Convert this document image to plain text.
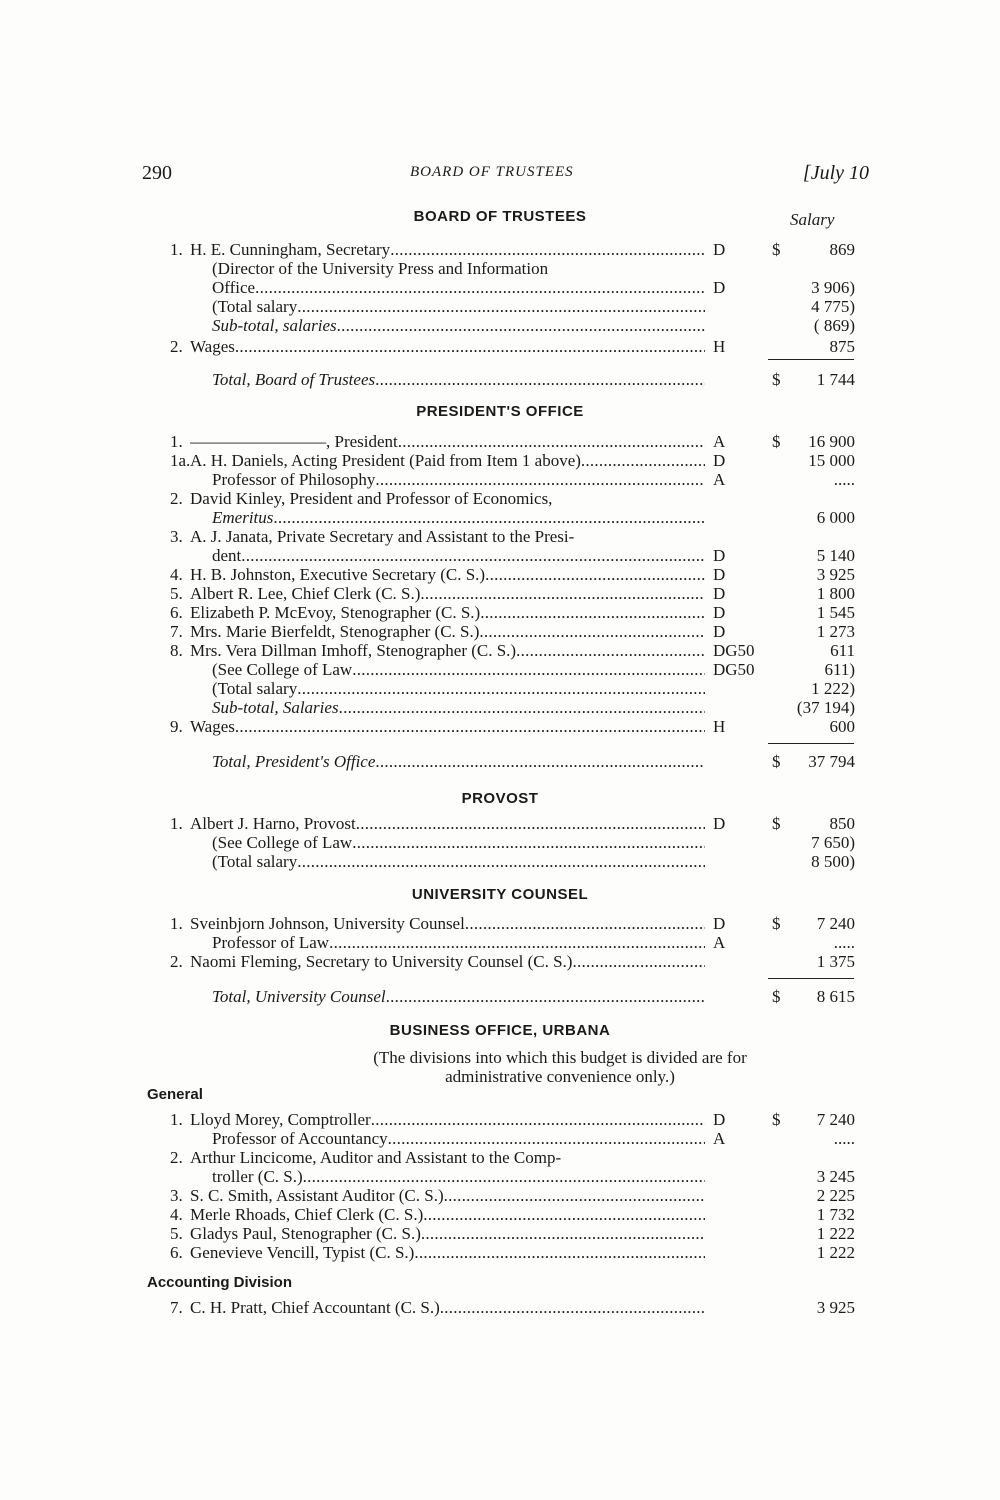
290	BOARD OF TRUSTEES	[July 10
Salary
BOARD OF TRUSTEES
1. H. E. Cunningham, Secretary . . .	D	$	869
(Director of the University Press and Information
Office . . .	D	3 906)
(Total salary . . .	4 775)
Sub-total, salaries . . .	( 869)
2. Wages . . .	H	875
Total, Board of Trustees . . .	$	1 744
PRESIDENT'S OFFICE
1. ————————, President . . .	A	$	16 900
1a. A. H. Daniels, Acting President (Paid from Item 1 above) . . .	D	15 000
Professor of Philosophy . . .	A	.....
2. David Kinley, President and Professor of Economics,
Emeritus . . .	6 000
3. A. J. Janata, Private Secretary and Assistant to the Presi-
dent . . .	D	5 140
4. H. B. Johnston, Executive Secretary (C. S.) . . .	D	3 925
5. Albert R. Lee, Chief Clerk (C. S.) . . .	D	1 800
6. Elizabeth P. McEvoy, Stenographer (C. S.) . . .	D	1 545
7. Mrs. Marie Bierfeldt, Stenographer (C. S.) . . .	D	1 273
8. Mrs. Vera Dillman Imhoff, Stenographer (C. S.) . . .	DG50	611
(See College of Law . . .	DG50	611)
(Total salary . . .	1 222)
Sub-total, Salaries . . .	(37 194)
9. Wages . . .	H	600
Total, President's Office . . .	$	37 794
PROVOST
1. Albert J. Harno, Provost . . .	D	$	850
(See College of Law . . .	7 650)
(Total salary . . .	8 500)
UNIVERSITY COUNSEL
1. Sveinbjorn Johnson, University Counsel . . .	D	$	7 240
Professor of Law . . .	A	.....
2. Naomi Fleming, Secretary to University Counsel (C. S.) . . .	1 375
Total, University Counsel . . .	$	8 615
BUSINESS OFFICE, URBANA
(The divisions into which this budget is divided are for
administrative convenience only.)
General
1. Lloyd Morey, Comptroller . . .	D	$	7 240
Professor of Accountancy . . .	A	.....
2. Arthur Lincicome, Auditor and Assistant to the Comp-
troller (C. S.) . . .	3 245
3. S. C. Smith, Assistant Auditor (C. S.) . . .	2 225
4. Merle Rhoads, Chief Clerk (C. S.) . . .	1 732
5. Gladys Paul, Stenographer (C. S.) . . .	1 222
6. Genevieve Vencill, Typist (C. S.) . . .	1 222
Accounting Division
7. C. H. Pratt, Chief Accountant (C. S.) . . .	3 925
